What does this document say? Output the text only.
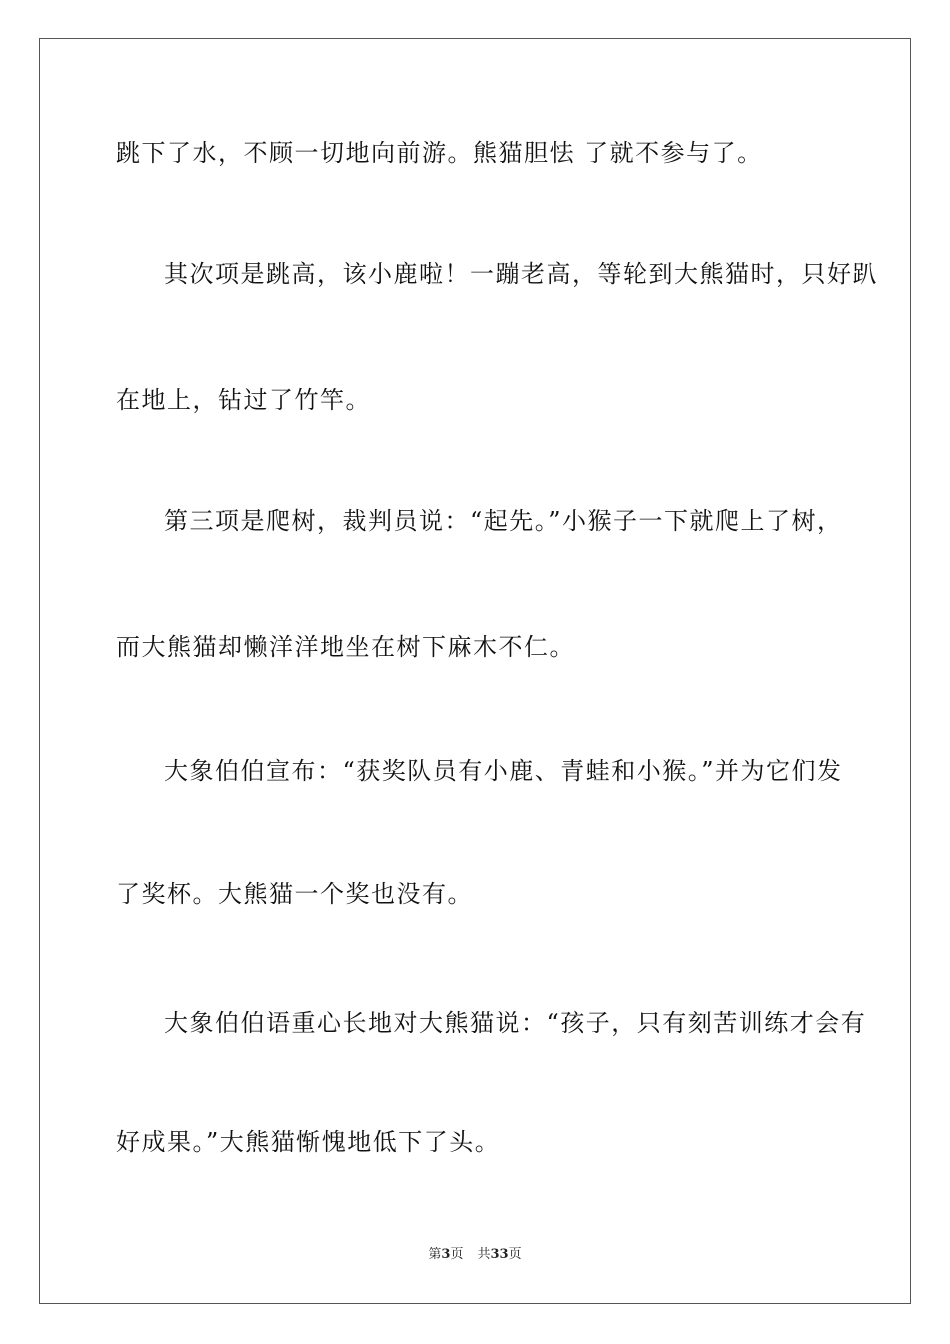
跳下了水，不顾一切地向前游。熊猫胆怯 了就不参与了。
其次项是跳高，该小鹿啦！一蹦老高，等轮到大熊猫时，只好趴
在地上，钻过了竹竿。
第三项是爬树，裁判员说：“起先。”小猴子一下就爬上了树，
而大熊猫却懒洋洋地坐在树下麻木不仁。
大象伯伯宣布：“获奖队员有小鹿、青蛙和小猴。”并为它们发
了奖杯。大熊猫一个奖也没有。
大象伯伯语重心长地对大熊猫说：“孩子，只有刻苦训练才会有
好成果。”大熊猫惭愧地低下了头。
第3页 共33页
